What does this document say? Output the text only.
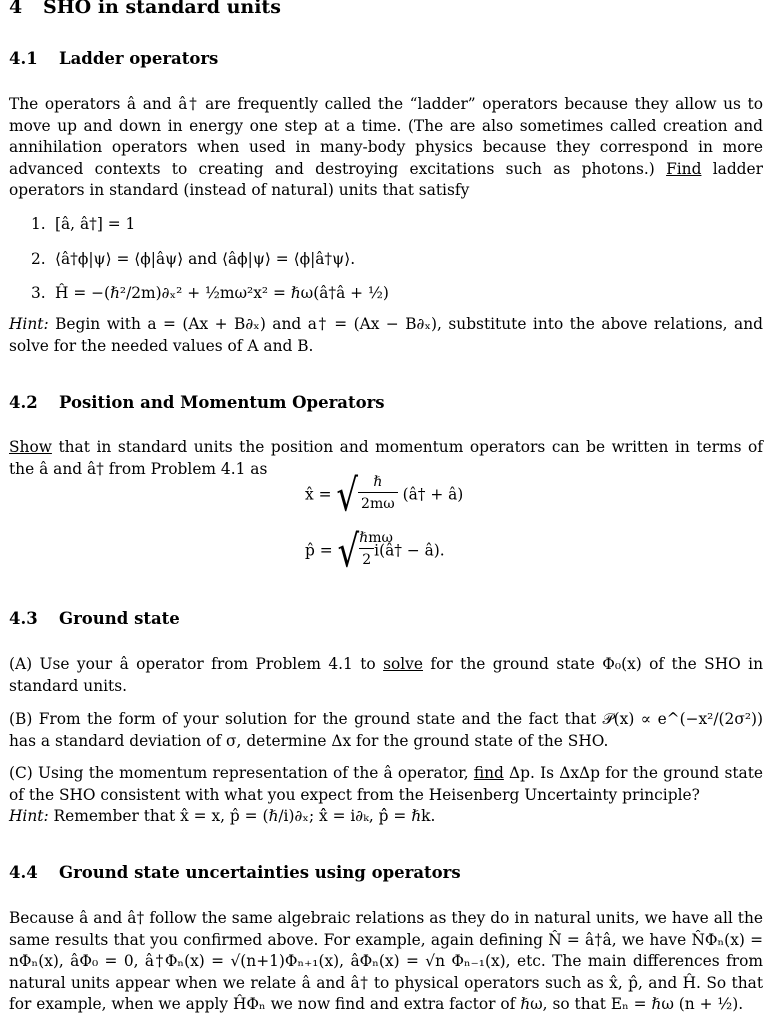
4 SHO in standard units
4.1 Ladder operators

The operators â and â† are frequently called the “ladder” operators because they allow us to move up and down in energy one step at a time. (The are also sometimes called creation and annihilation operators when used in many-body physics because they correspond in more advanced contexts to creating and destroying excitations such as photons.) Find ladder operators in standard (instead of natural) units that satisfy

1. [â, â†] = 1

2. ⟨â†ϕ|ψ⟩ = ⟨ϕ|âψ⟩ and ⟨âϕ|ψ⟩ = ⟨ϕ|â†ψ⟩.

3. Ĥ = −(ℏ²/2m)∂ₓ² + ½mω²x² = ℏω(â†â + ½)

Hint: Begin with a = (Ax + B∂ₓ) and a† = (Ax − B∂ₓ), substitute into the above relations, and solve for the needed values of A and B.

4.2 Position and Momentum Operators

Show that in standard units the position and momentum operators can be written in terms of the â and â† from Problem 4.1 as

x̂ = √	ℏ
2mω (â† + â)
p̂ = √ ℏmω
2i(â† − â).
4.3 Ground state

(A) Use your â operator from Problem 4.1 to solve for the ground state Φ₀(x) of the SHO in standard units.

(B) From the form of your solution for the ground state and the fact that 𝒫(x) ∝ e^(−x²/(2σ²)) has a standard deviation of σ, determine Δx for the ground state of the SHO.

(C) Using the momentum representation of the â operator, find Δp. Is ΔxΔp for the ground state of the SHO consistent with what you expect from the Heisenberg Uncertainty principle?
Hint: Remember that x̂ = x, p̂ = (ℏ/i)∂ₓ; x̂̂ = i∂ₖ, p̂̂ = ℏk.

4.4 Ground state uncertainties using operators

Because â and â† follow the same algebraic relations as they do in natural units, we have all the same results that you confirmed above. For example, again defining N̂ = â†â, we have N̂Φₙ(x) = nΦₙ(x), âΦ₀ = 0, â†Φₙ(x) = √(n+1)Φₙ₊₁(x), âΦₙ(x) = √n Φₙ₋₁(x), etc. The main differences from natural units appear when we relate â and â† to physical operators such as x̂, p̂, and Ĥ. So that for example, when we apply ĤΦₙ we now find and extra factor of ℏω, so that Eₙ = ℏω (n + ½).
